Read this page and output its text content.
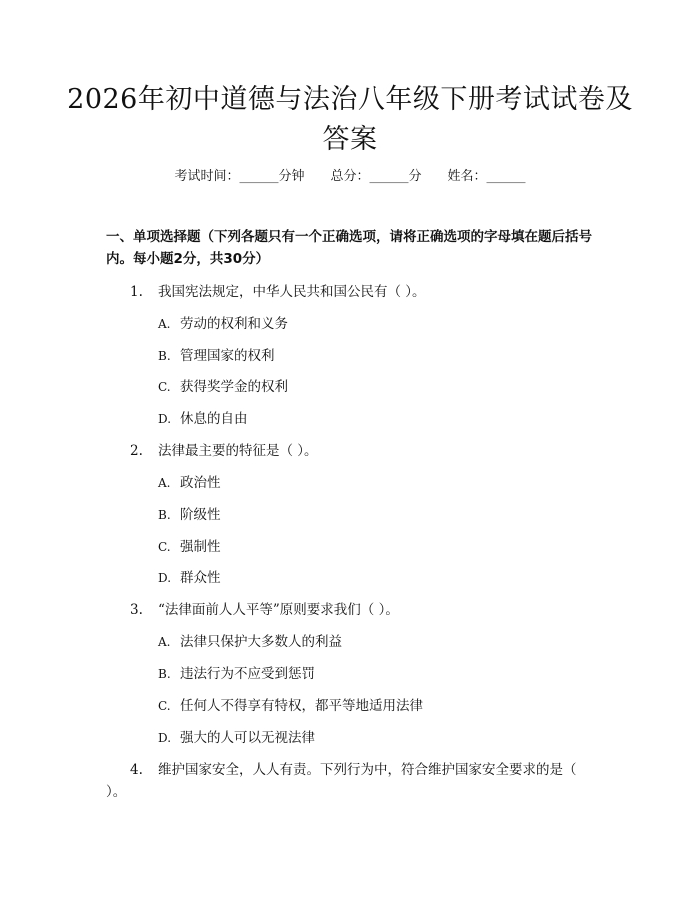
2026年初中道德与法治八年级下册考试试卷及答案
考试时间：______分钟 总分：______分 姓名：______
一、单项选择题（下列各题只有一个正确选项，请将正确选项的字母填在题后括号内。每小题2分，共30分）
1. 我国宪法规定，中华人民共和国公民有（ ）。
A. 劳动的权利和义务
B. 管理国家的权利
C. 获得奖学金的权利
D. 休息的自由
2. 法律最主要的特征是（ ）。
A. 政治性
B. 阶级性
C. 强制性
D. 群众性
3. “法律面前人人平等”原则要求我们（ ）。
A. 法律只保护大多数人的利益
B. 违法行为不应受到惩罚
C. 任何人不得享有特权，都平等地适用法律
D. 强大的人可以无视法律
4. 维护国家安全，人人有责。下列行为中，符合维护国家安全要求的是（ ）。
